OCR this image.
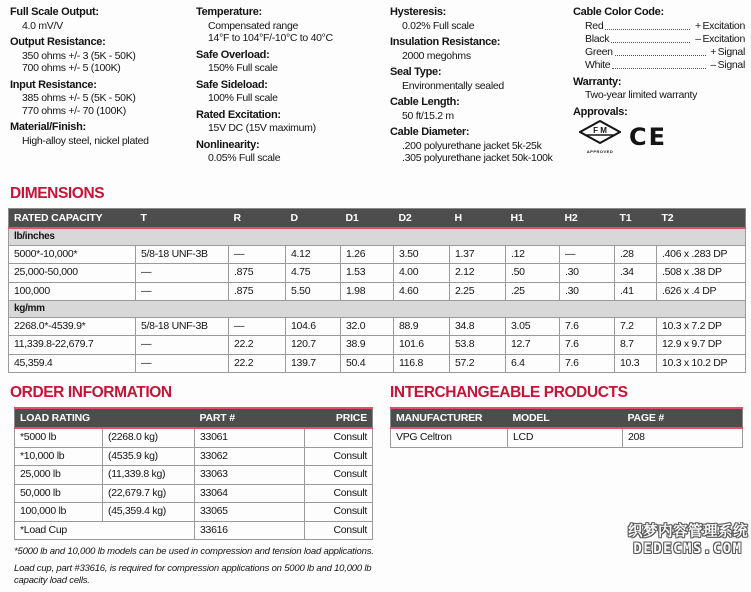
Full Scale Output:
4.0 mV/V
Output Resistance:
350 ohms +/- 3 (5K - 50K)
700 ohms +/- 5 (100K)
Input Resistance:
385 ohms +/- 5 (5K - 50K)
770 ohms +/- 70 (100K)
Material/Finish:
High-alloy steel, nickel plated
Temperature:
Compensated range
14°F to 104°F/-10°C to 40°C
Safe Overload:
150% Full scale
Safe Sideload:
100% Full scale
Rated Excitation:
15V DC (15V maximum)
Nonlinearity:
0.05% Full scale
Hysteresis:
0.02% Full scale
Insulation Resistance:
2000 megohms
Seal Type:
Environmentally sealed
Cable Length:
50 ft/15.2 m
Cable Diameter:
.200 polyurethane jacket 5k-25k
.305 polyurethane jacket 50k-100k
Cable Color Code:
Red	+ Excitation
Black	– Excitation
Green	+ Signal
White	– Signal
Warranty:
Two-year limited warranty
Approvals:
F M
APPROVED
CE
DIMENSIONS
RATED CAPACITY	T	R	D	D1	D2	H	H1	H2	T1	T2
lb/inches										
5000*-10,000*	5/8-18 UNF-3B	—	4.12	1.26	3.50	1.37	.12	—	.28	.406 x .283 DP
25,000-50,000	—	.875	4.75	1.53	4.00	2.12	.50	.30	.34	.508 x .38 DP
100,000	—	.875	5.50	1.98	4.60	2.25	.25	.30	.41	.626 x .4 DP
kg/mm										
2268.0*-4539.9*	5/8-18 UNF-3B	—	104.6	32.0	88.9	34.8	3.05	7.6	7.2	10.3 x 7.2 DP
11,339.8-22,679.7	—	22.2	120.7	38.9	101.6	53.8	12.7	7.6	8.7	12.9 x 9.7 DP
45,359.4	—	22.2	139.7	50.4	116.8	57.2	6.4	7.6	10.3	10.3 x 10.2 DP
ORDER INFORMATION
LOAD RATING		PART #	PRICE
*5000 lb	(2268.0 kg)	33061	Consult
*10,000 lb	(4535.9 kg)	33062	Consult
25,000 lb	(11,339.8 kg)	33063	Consult
50,000 lb	(22,679.7 kg)	33064	Consult
100,000 lb	(45,359.4 kg)	33065	Consult
*Load Cup		33616	Consult
*5000 lb and 10,000 lb models can be used in compression and tension load applications.
Load cup, part #33616, is required for compression applications on 5000 lb and 10,000 lb capacity load cells.
INTERCHANGEABLE PRODUCTS
MANUFACTURER	MODEL	PAGE #
VPG Celtron	LCD	208
织梦内容管理系统
DEDECMS.COM
